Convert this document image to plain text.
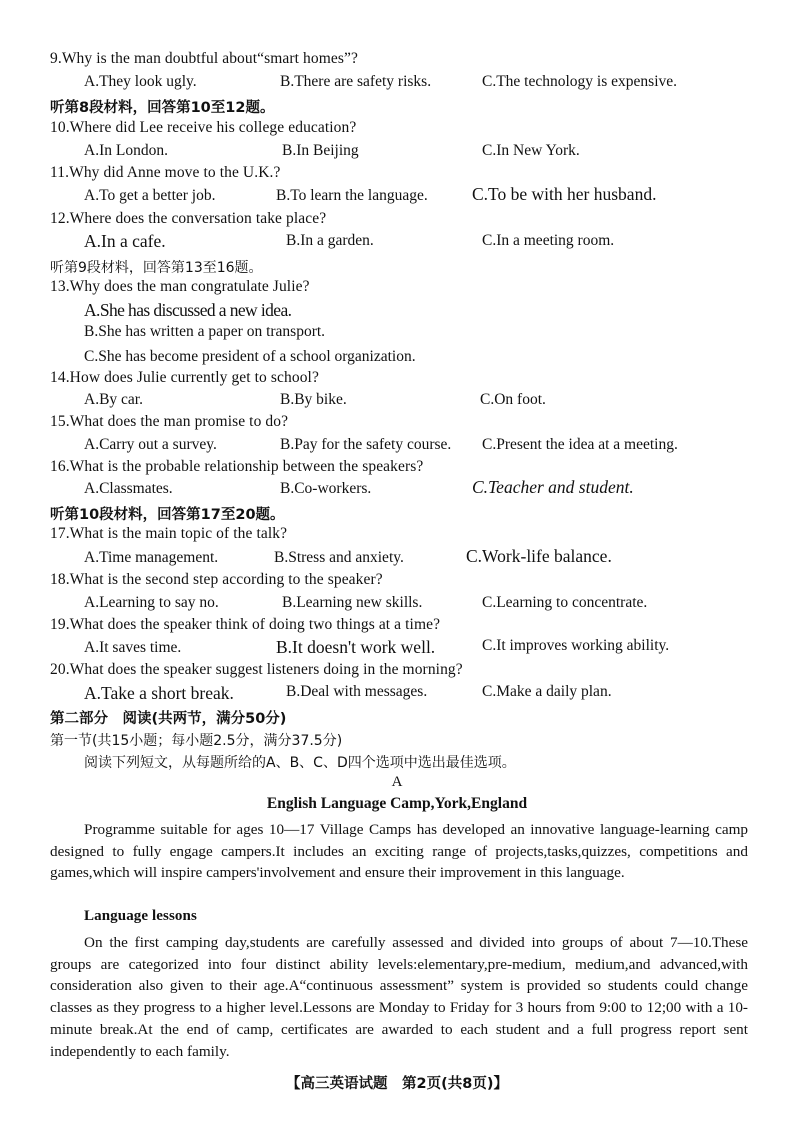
9.Why is the man doubtful about“smart homes”?
A.They look ugly.	B.There are safety risks.	C.The technology is expensive.
听第8段材料，回答第10至12题。
10.Where did Lee receive his college education?
A.In London.	B.In Beijing	C.In New York.
11.Why did Anne move to the U.K.?
A.To get a better job.	B.To learn the language.	C.To be with her husband.
12.Where does the conversation take place?
A.In a cafe.	B.In a garden.	C.In a meeting room.
听第9段材料，回答第13至16题。
13.Why does the man congratulate Julie?
A.She has discussed a new idea.
B.She has written a paper on transport.
C.She has become president of a school organization.
14.How does Julie currently get to school?
A.By car.	B.By bike.	C.On foot.
15.What does the man promise to do?
A.Carry out a survey.	B.Pay for the safety course. C.Present the idea at a meeting.
16.What is the probable relationship between the speakers?
A.Classmates.	B.Co-workers.	C.Teacher and student.
听第10段材料，回答第17至20题。
17.What is the main topic of the talk?
A.Time management.	B.Stress and anxiety.	C.Work-life balance.
18.What is the second step according to the speaker?
A.Learning to say no.	B.Learning new skills.	C.Learning to concentrate.
19.What does the speaker think of doing two things at a time?
A.It saves time.	B.It doesn't work well.	C.It improves working ability.
20.What does the speaker suggest listeners doing in the morning?
A.Take a short break.	B.Deal with messages.	C.Make a daily plan.
第二部分　阅读(共两节，满分50分)
第一节(共15小题；每小题2.5分，满分37.5分)
阅读下列短文，从每题所给的A、B、C、D四个选项中选出最佳选项。
A
English Language Camp,York,England
Programme suitable for ages 10—17 Village Camps has developed an innovative language-learning camp designed to fully engage campers.It includes an exciting range of projects,tasks,quizzes, competitions and games,which will inspire campers'involvement and ensure their improvement in this language.
Language lessons
On the first camping day,students are carefully assessed and divided into groups of about 7—10.These groups are categorized into four distinct ability levels:elementary,pre-medium, medium,and advanced,with consideration also given to their age.A“continuous assessment” system is provided so students could change classes as they progress to a higher level.Lessons are Monday to Friday for 3 hours from 9:00 to 12;00 with a 10-minute break.At the end of camp, certificates are awarded to each student and a full progress report sent independently to each family.
【高三英语试题　第2页(共8页)】
